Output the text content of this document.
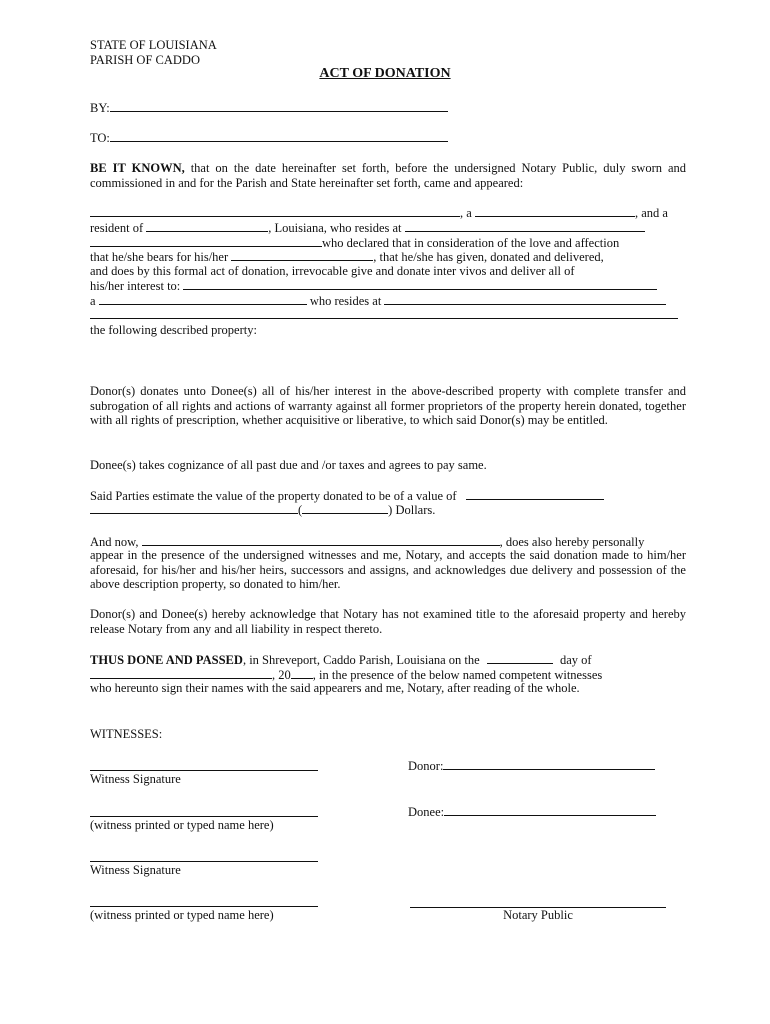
STATE OF LOUISIANA
PARISH OF CADDO
ACT OF DONATION
BY:
TO:

BE IT KNOWN, that on the date hereinafter set forth, before the undersigned Notary Public, duly sworn and commissioned in and for the Parish and State hereinafter set forth, came and appeared:

, a	, and a
resident of	, Louisiana, who resides at
who declared that in consideration of the love and affection
that he/she bears for his/her	, that he/she has given, donated and delivered,
and does by this formal act of donation, irrevocable give and donate inter vivos and deliver all of
his/her interest to:
a	who resides at
the following described property:

Donor(s) donates unto Donee(s) all of his/her interest in the above-described property with complete transfer and subrogation of all rights and actions of warranty against all former proprietors of the property herein donated, together with all rights of prescription, whether acquisitive or liberative, to which said Donor(s) may be entitled.

Donee(s) takes cognizance of all past due and /or taxes and agrees to pay same.
Said Parties estimate the value of the property donated to be of a value of
(	) Dollars.
And now,	, does also hereby personally

appear in the presence of the undersigned witnesses and me, Notary, and accepts the said donation made to him/her aforesaid, for his/her and his/her heirs, successors and assigns, and acknowledges due delivery and possession of the above description property, so donated to him/her.

Donor(s) and Donee(s) hereby acknowledge that Notary has not examined title to the aforesaid property and hereby release Notary from any and all liability in respect thereto.

THUS DONE AND PASSED, in Shreveport, Caddo Parish, Louisiana on the	day of
, 20 , in the presence of the below named competent witnesses
who hereunto sign their names with the said appearers and me, Notary, after reading of the whole.
WITNESSES:
Witness Signature
(witness printed or typed name here)
Witness Signature
(witness printed or typed name here)
Donor:
Donee:
Notary Public
